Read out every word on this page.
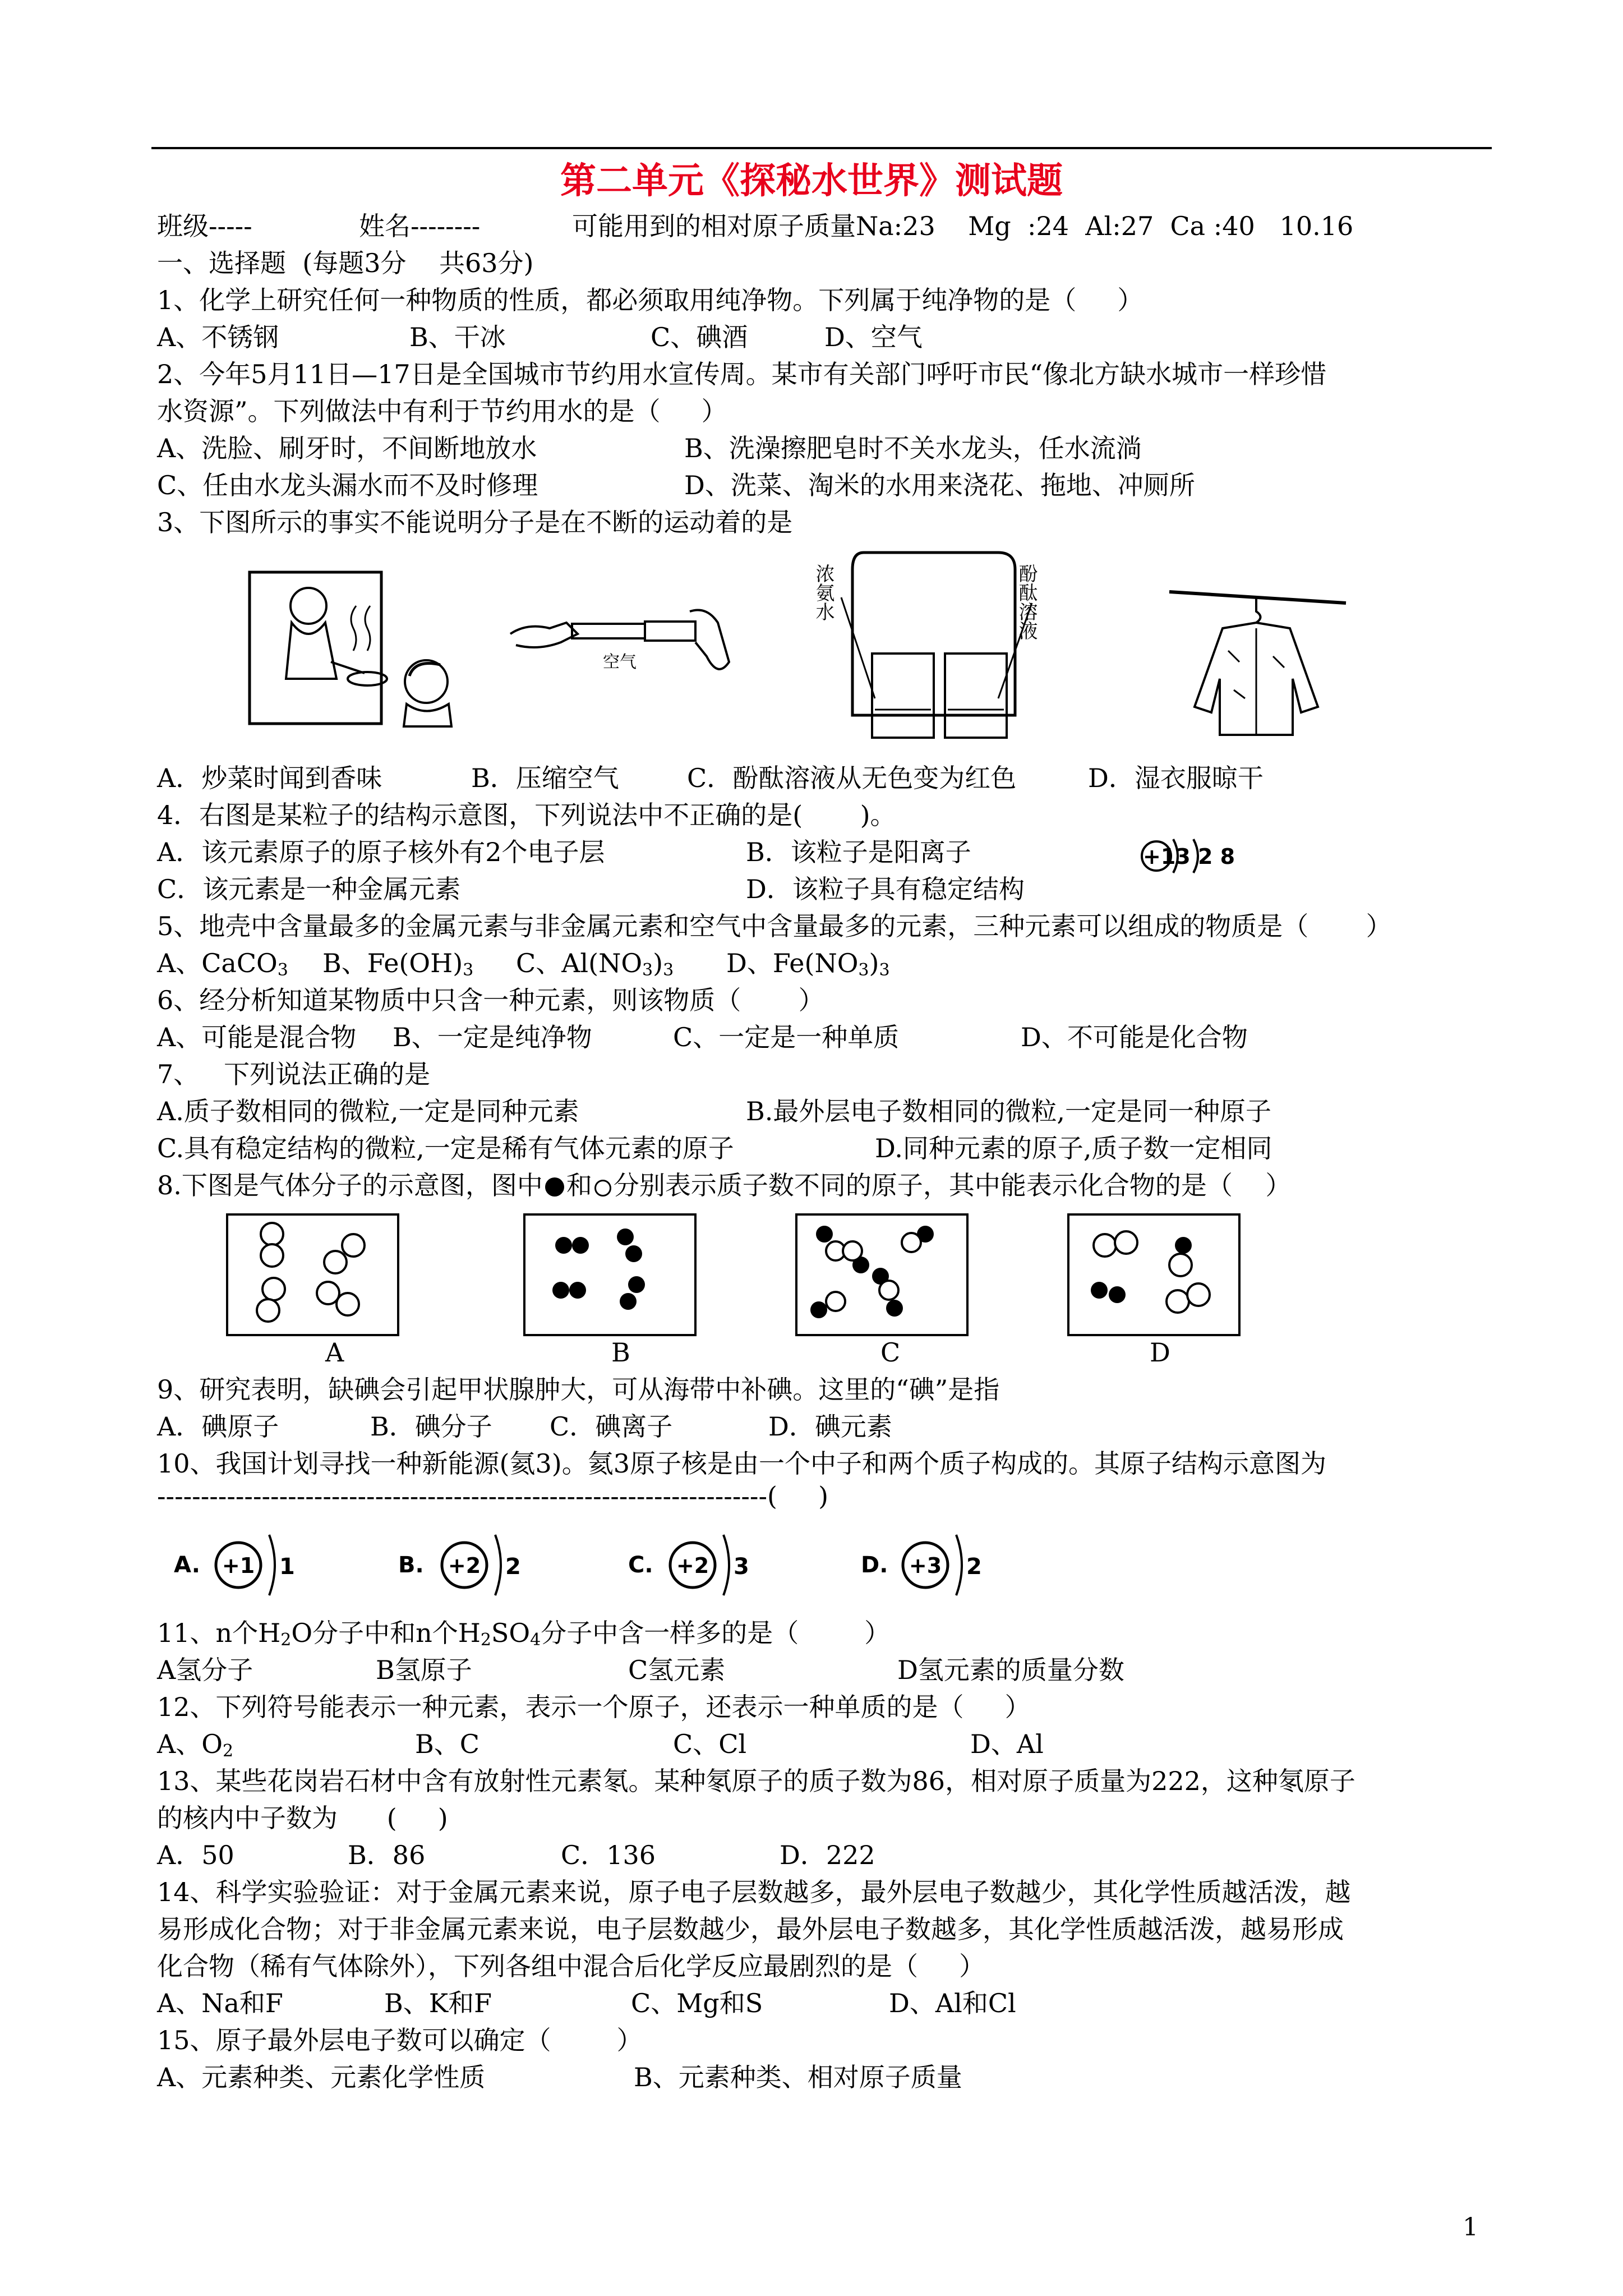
第二单元《探秘水世界》测试题

班级-----

	姓名--------

	可能用到的相对原子质量Na:23    Mg  :24  Al:27  Ca :40   10.16

一、选择题  (每题3分    共63分)
1、化学上研究任何一种物质的性质，都必须取用纯净物。下列属于纯净物的是（     ）

A、不锈钢

	B、干冰

	C、碘酒

	D、空气

2、今年5月11日—17日是全国城市节约用水宣传周。某市有关部门呼吁市民“像北方缺水城市一样珍惜
水资源”。下列做法中有利于节约用水的是（     ）

A、洗脸、刷牙时，不间断地放水

	B、洗澡擦肥皂时不关水龙头，任水流淌

C、任由水龙头漏水而不及时修理

	D、洗菜、淘米的水用来浇花、拖地、冲厕所

3、下图所示的事实不能说明分子是在不断的运动着的是
空气
浓氨水	酚酞溶液

A．炒菜时闻到香味

	B．压缩空气

	C．酚酞溶液从无色变为红色

	D．湿衣服晾干

4．右图是某粒子的结构示意图，下列说法中不正确的是(       )。

A．该元素原子的原子核外有2个电子层

	B．该粒子是阳离子	+13 2 8

C．该元素是一种金属元素

	D．该粒子具有稳定结构

5、地壳中含量最多的金属元素与非金属元素和空气中含量最多的元素，三种元素可以组成的物质是（       ）

A、CaCO$_3$

B、$Fe(OH)_3$

C、$Al(NO_3)_3$

D、$Fe(NO_3)_3$

6、经分析知道某物质中只含一种元素，则该物质（       ）

A、可能是混合物

B、一定是纯净物

	C、一定是一种单质

	D、不可能是化合物

7、   下列说法正确的是

A.质子数相同的微粒,一定是同种元素

	B.最外层电子数相同的微粒,一定是同一种原子

C.具有稳定结构的微粒,一定是稀有气体元素的原子

	D.同种元素的原子,质子数一定相同

8.下图是气体分子的示意图，图中 和 分别表示质子数不同的原子，其中能表示化合物的是（    ）

A

	B

	C

	D

9、研究表明，缺碘会引起甲状腺肿大，可从海带中补碘。这里的“碘”是指

A．碘原子

	B．碘分子

C．碘离子

	D．碘元素

10、我国计划寻找一种新能源(氦3)。氦3原子核是由一个中子和两个质子构成的。其原子结构示意图为
----------------------------------------------------------------------(     )
A. +1 1	B. +2 2	C. +2 3	D. +3 2
11、n个$H_2O$分子中和n个$H_2SO_4$分子中含一样多的是（        ）

A氢分子

	B氢原子

	C氢元素

	D氢元素的质量分数

12、下列符号能表示一种元素，表示一个原子，还表示一种单质的是（     ）

A、$O_2$

	B、C

	C、Cl

	D、Al

13、某些花岗岩石材中含有放射性元素氡。某种氡原子的质子数为86，相对原子质量为222，这种氡原子
的核内中子数为      (     )

A．50

	B．86

	C．136

	D．222

14、科学实验验证：对于金属元素来说，原子电子层数越多，最外层电子数越少，其化学性质越活泼，越
易形成化合物；对于非金属元素来说，电子层数越少，最外层电子数越多，其化学性质越活泼，越易形成
化合物（稀有气体除外），下列各组中混合后化学反应最剧烈的是（     ）

A、Na和F

	B、K和F

	C、Mg和S

	D、Al和Cl

15、原子最外层电子数可以确定（        ）

A、元素种类、元素化学性质

	B、元素种类、相对原子质量

1
